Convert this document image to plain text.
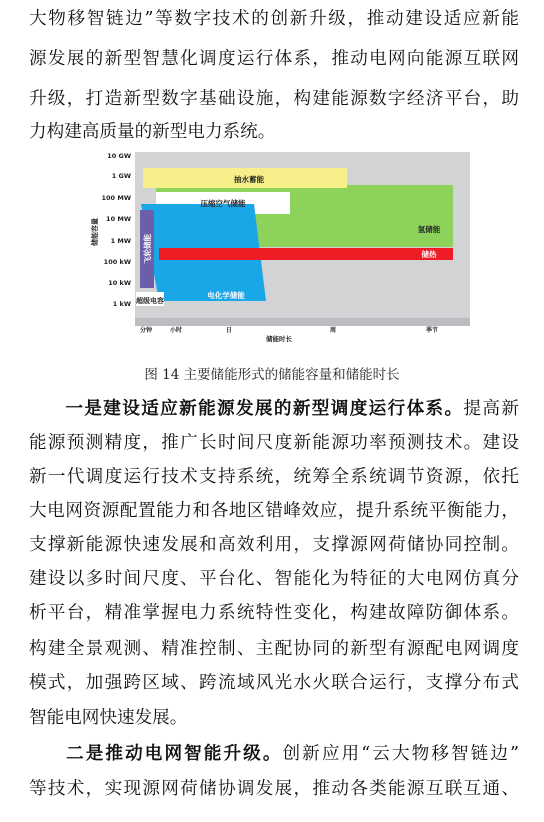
大物移智链边”等数字技术的创新升级，推动建设适应新能
源发展的新型智慧化调度运行体系，推动电网向能源互联网
升级，打造新型数字基础设施，构建能源数字经济平台，助
力构建高质量的新型电力系统。
抽水蓄能
压缩空气储能
氢储能
储热
电化学储能
飞轮储能
超级电容
1 kW
10 kW
100 kW
1 MW
10 MW
100 MW
1 GW
10 GW
储能容量
分钟	小时	日	周	季节
储能时长
图 14 主要储能形式的储能容量和储能时长
一是建设适应新能源发展的新型调度运行体系。提高新
能源预测精度，推广长时间尺度新能源功率预测技术。建设
新一代调度运行技术支持系统，统筹全系统调节资源，依托
大电网资源配置能力和各地区错峰效应，提升系统平衡能力，
支撑新能源快速发展和高效利用，支撑源网荷储协同控制。
建设以多时间尺度、平台化、智能化为特征的大电网仿真分
析平台，精准掌握电力系统特性变化，构建故障防御体系。
构建全景观测、精准控制、主配协同的新型有源配电网调度
模式，加强跨区域、跨流域风光水火联合运行，支撑分布式
智能电网快速发展。
二是推动电网智能升级。创新应用“云大物移智链边”
等技术，实现源网荷储协调发展，推动各类能源互联互通、
